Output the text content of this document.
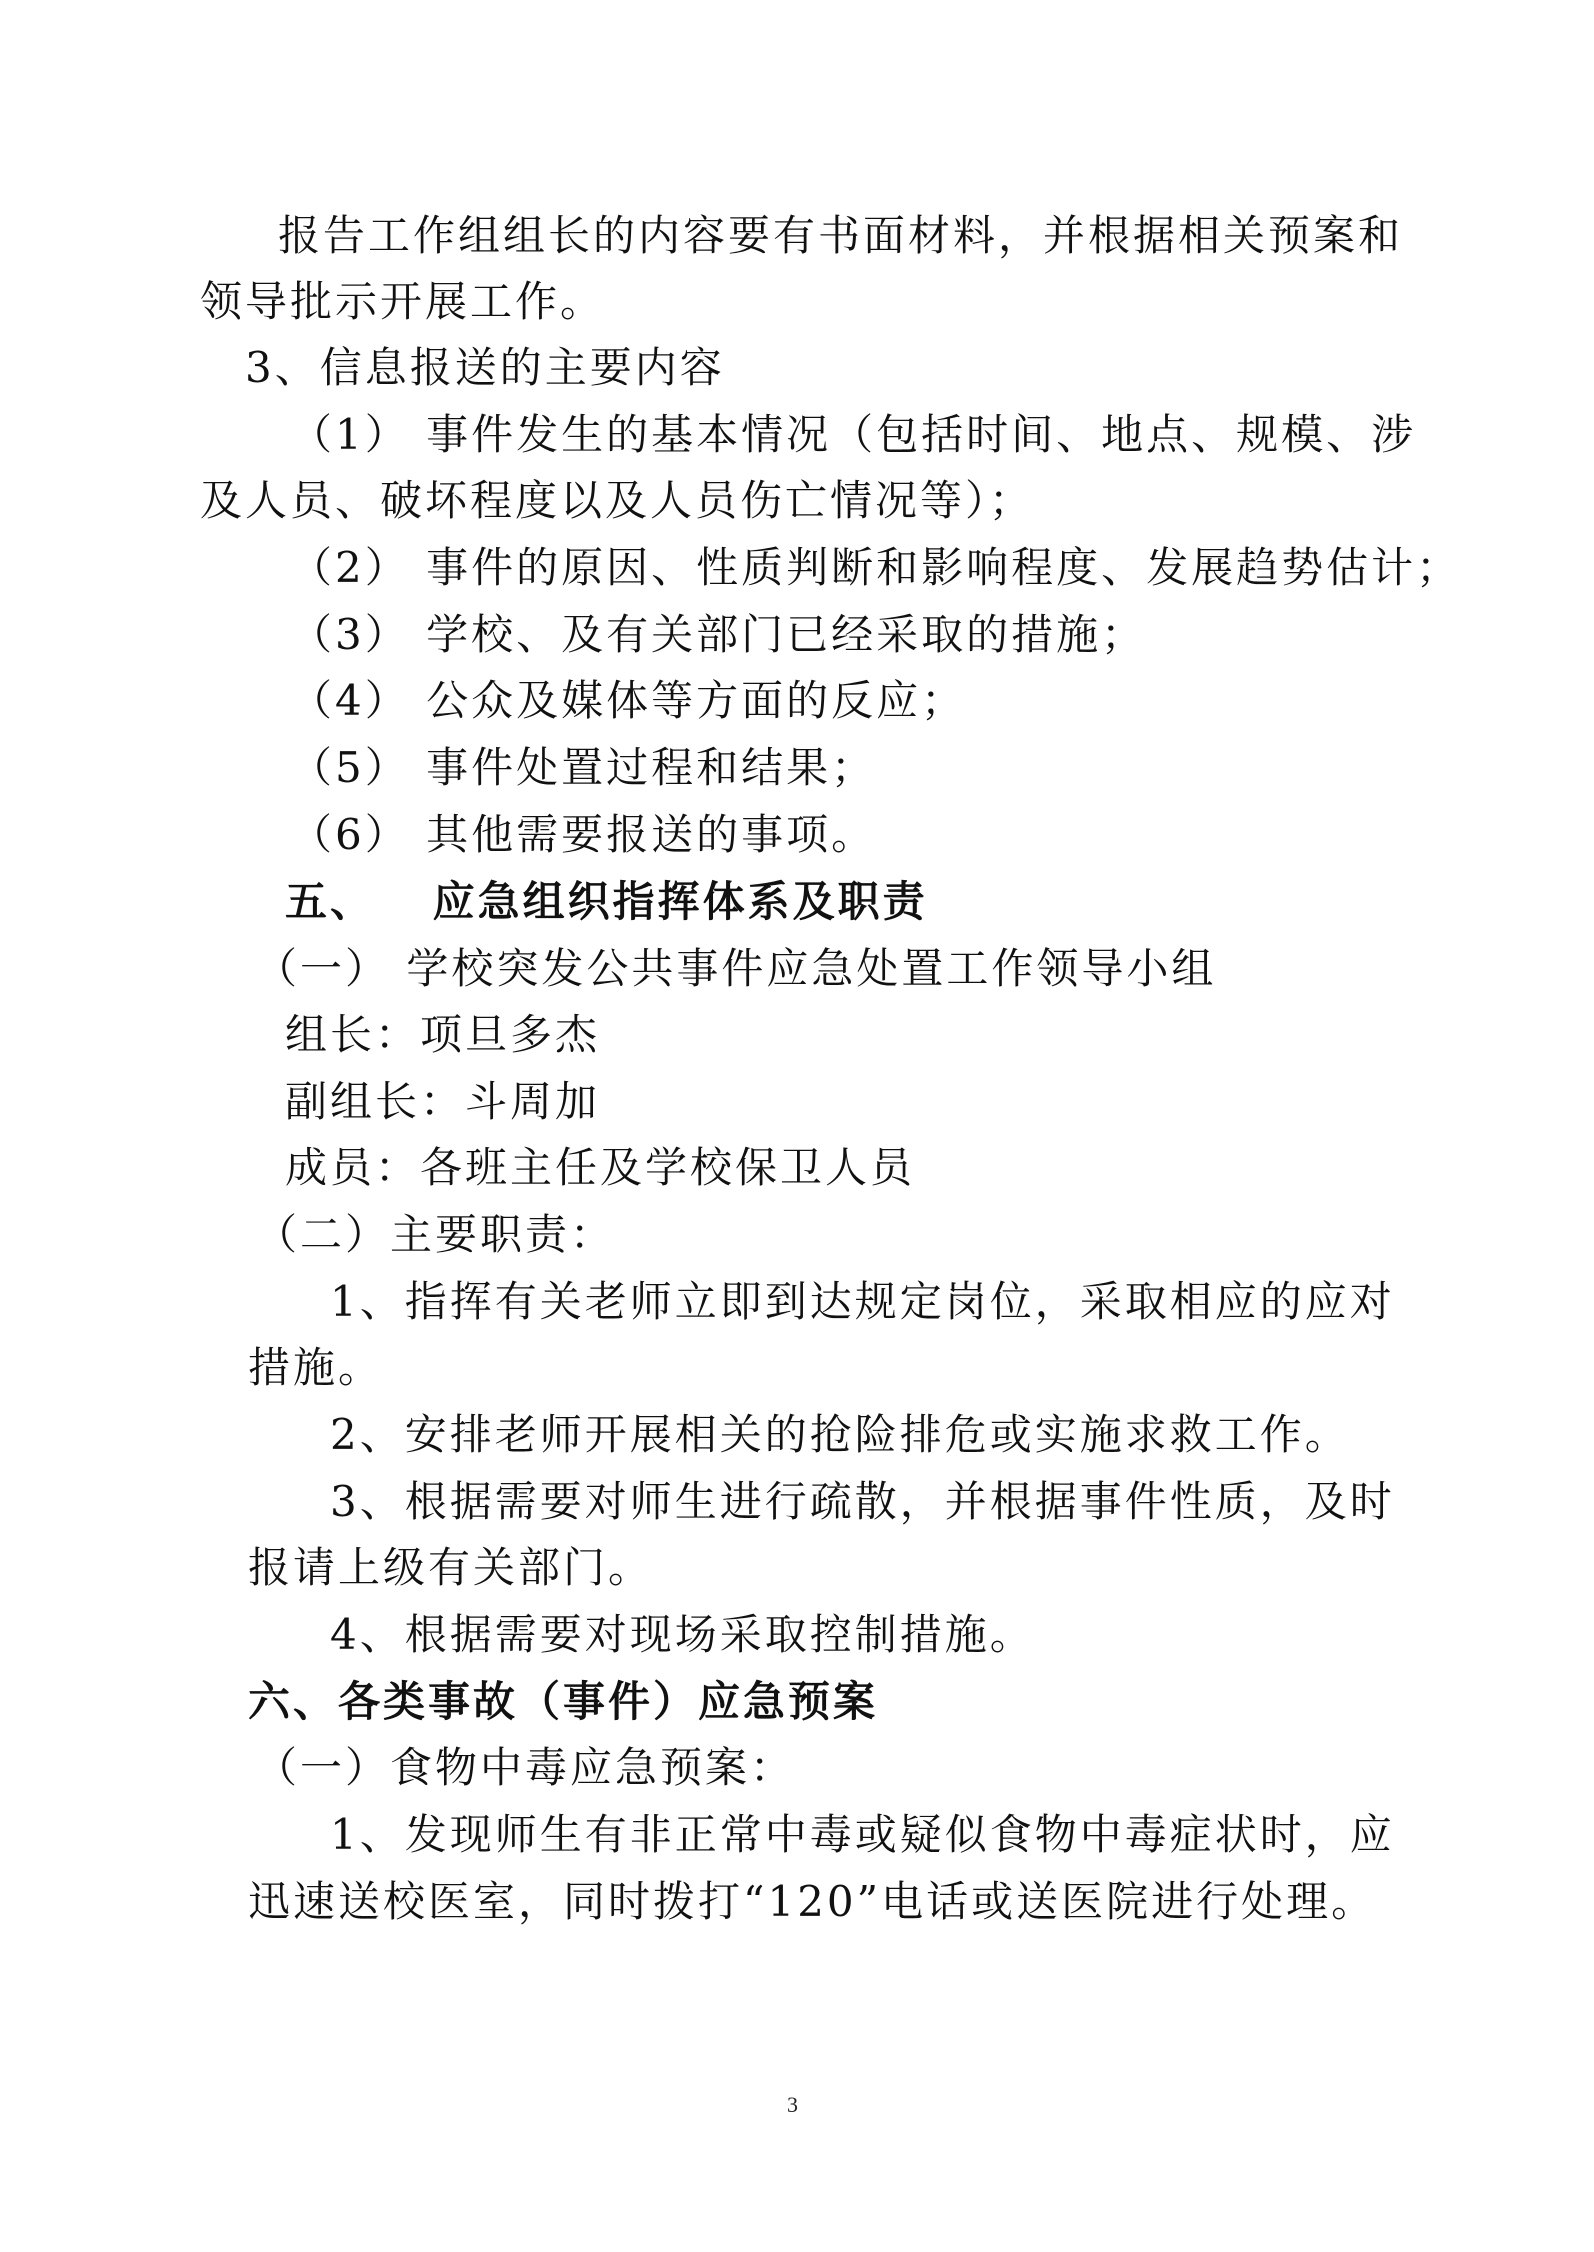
报告工作组组长的内容要有书面材料，并根据相关预案和

领导批示开展工作。

3、信息报送的主要内容

（1） 事件发生的基本情况（包括时间、地点、规模、涉

及人员、破坏程度以及人员伤亡情况等）；

（2） 事件的原因、性质判断和影响程度、发展趋势估计；

（3） 学校、及有关部门已经采取的措施；

（4） 公众及媒体等方面的反应；

（5） 事件处置过程和结果；

（6） 其他需要报送的事项。

五、 应急组织指挥体系及职责

（一） 学校突发公共事件应急处置工作领导小组

组长：项旦多杰

副组长：斗周加

成员：各班主任及学校保卫人员

（二）主要职责：

1、指挥有关老师立即到达规定岗位，采取相应的应对

措施。

2、安排老师开展相关的抢险排危或实施求救工作。

3、根据需要对师生进行疏散，并根据事件性质，及时

报请上级有关部门。

4、根据需要对现场采取控制措施。

六、各类事故（事件）应急预案

（一）食物中毒应急预案：

1、发现师生有非正常中毒或疑似食物中毒症状时，应

迅速送校医室，同时拨打“120”电话或送医院进行处理。

3
